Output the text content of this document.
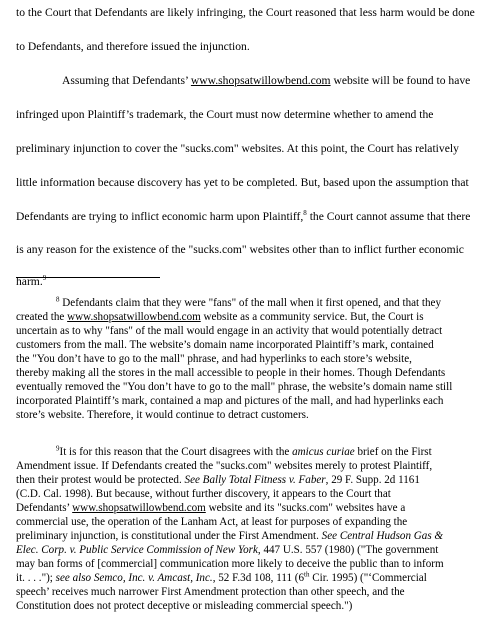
to the Court that Defendants are likely infringing, the Court reasoned that less harm would be done
to Defendants, and therefore issued the injunction.
Assuming that Defendants’ www.shopsatwillowbend.com website will be found to have
infringed upon Plaintiff’s trademark, the Court must now determine whether to amend the
preliminary injunction to cover the "sucks.com" websites. At this point, the Court has relatively
little information because discovery has yet to be completed. But, based upon the assumption that
Defendants are trying to inflict economic harm upon Plaintiff,$^8$ the Court cannot assume that there
is any reason for the existence of the "sucks.com" websites other than to inflict further economic
harm.$^9$
$^8$ Defendants claim that they were "fans" of the mall when it first opened, and that they
created the www.shopsatwillowbend.com website as a community service. But, the Court is
uncertain as to why "fans" of the mall would engage in an activity that would potentially detract
customers from the mall. The website’s domain name incorporated Plaintiff’s mark, contained
the "You don’t have to go to the mall" phrase, and had hyperlinks to each store’s website,
thereby making all the stores in the mall accessible to people in their homes. Though Defendants
eventually removed the "You don’t have to go to the mall" phrase, the website’s domain name still
incorporated Plaintiff’s mark, contained a map and pictures of the mall, and had hyperlinks each
store’s website. Therefore, it would continue to detract customers.
$^9$It is for this reason that the Court disagrees with the amicus curiae brief on the First
Amendment issue. If Defendants created the "sucks.com" websites merely to protest Plaintiff,
then their protest would be protected. See Bally Total Fitness v. Faber, 29 F. Supp. 2d 1161
(C.D. Cal. 1998). But because, without further discovery, it appears to the Court that
Defendants’ www.shopsatwillowbend.com website and its "sucks.com" websites have a
commercial use, the operation of the Lanham Act, at least for purposes of expanding the
preliminary injunction, is constitutional under the First Amendment. See Central Hudson Gas &
Elec. Corp. v. Public Service Commission of New York, 447 U.S. 557 (1980) ("The government
may ban forms of [commercial] communication more likely to deceive the public than to inform
it. . . ."); see also Semco, Inc. v. Amcast, Inc., 52 F.3d 108, 111 (6th Cir. 1995) ("‘Commercial
speech’ receives much narrower First Amendment protection than other speech, and the
Constitution does not protect deceptive or misleading commercial speech.")
